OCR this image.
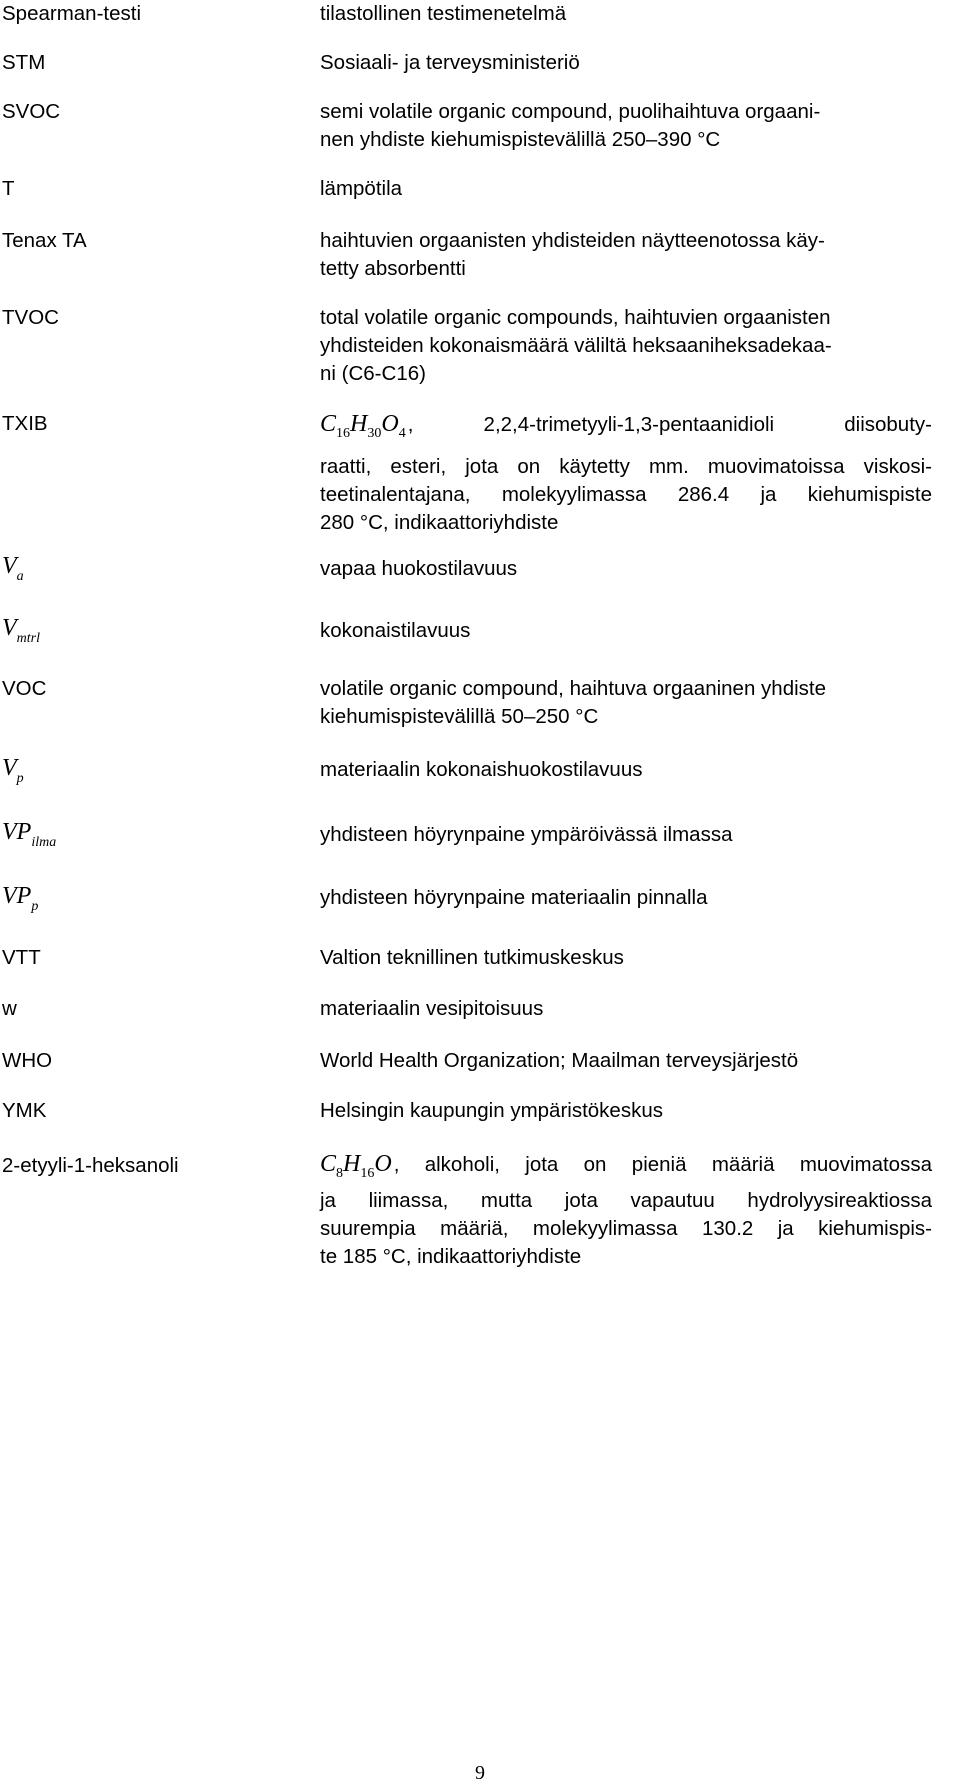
Spearman-testi	tilastollinen testimenetelmä
STM	Sosiaali- ja terveysministeriö
SVOC	semi volatile organic compound, puolihaihtuva orgaani-
nen yhdiste kiehumispistevälillä 250–390 °C
T	lämpötila
Tenax TA	haihtuvien orgaanisten yhdisteiden näytteenotossa käy-
tetty absorbentti
TVOC	total volatile organic compounds, haihtuvien orgaanisten
yhdisteiden kokonaismäärä väliltä heksaaniheksadekaa-
ni (C6-C16)
TXIB	$C_{16}H_{30}O_4$ , 2,2,4-trimetyyli-1,3-pentaanidioli diisobuty-
raatti, esteri, jota on käytetty mm. muovimatoissa viskosi-
teetinalentajana, molekyylimassa 286.4 ja kiehumispiste
280 °C, indikaattoriyhdiste
$V_a$	vapaa huokostilavuus
$V_{mtrl}$	kokonaistilavuus
VOC	volatile organic compound, haihtuva orgaaninen yhdiste
kiehumispistevälillä 50–250 °C
$V_p$	materiaalin kokonaishuokostilavuus
$VP_{ilma}$	yhdisteen höyrynpaine ympäröivässä ilmassa
$VP_p$	yhdisteen höyrynpaine materiaalin pinnalla
VTT	Valtion teknillinen tutkimuskeskus
w	materiaalin vesipitoisuus
WHO	World Health Organization; Maailman terveysjärjestö
YMK	Helsingin kaupungin ympäristökeskus
2-etyyli-1-heksanoli	$C_8H_{16}O$ , alkoholi, jota on pieniä määriä muovimatossa
ja liimassa, mutta jota vapautuu hydrolyysireaktiossa
suurempia määriä, molekyylimassa 130.2 ja kiehumispis-
te 185 °C, indikaattoriyhdiste
9
